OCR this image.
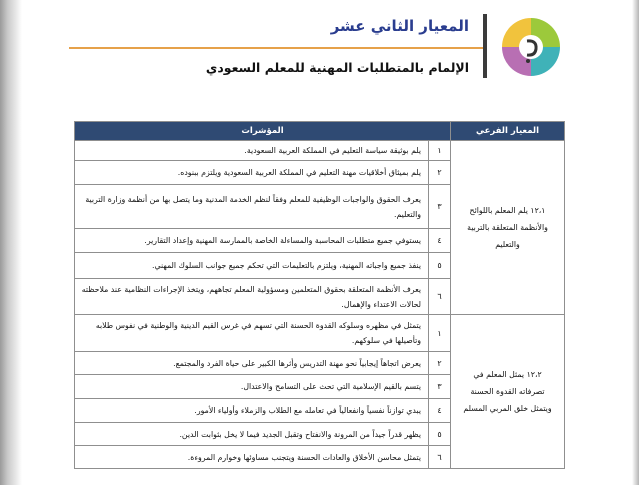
المعيار الثاني عشر
الإلمام بالمتطلبات المهنية للمعلم السعودي
المعيار الفرعي	المؤشرات	
١٢،١ يلم المعلم باللوائح والأنظمة المتعلقة بالتربية والتعليم	١	يلم بوثيقة سياسة التعليم في المملكة العربية السعودية.
	٢	يلم بميثاق أخلاقيات مهنة التعليم في المملكة العربية السعودية ويلتزم ببنوده.
	٣	يعرف الحقوق والواجبات الوظيفية للمعلم وفقاً لنظم الخدمة المدنية وما يتصل بها من أنظمة وزارة التربية والتعليم.
	٤	يستوفي جميع متطلبات المحاسبة والمساءلة الخاصة بالممارسة المهنية وإعداد التقارير.
	٥	ينفذ جميع واجباته المهنية، ويلتزم بالتعليمات التي تحكم جميع جوانب السلوك المهني.
	٦	يعرف الأنظمة المتعلقة بحقوق المتعلمين ومسؤولية المعلم تجاههم، ويتخذ الإجراءات النظامية عند ملاحظته لحالات الاعتداء والإهمال.
١٢،٢ يمثل المعلم في تصرفاته القدوة الحسنة ويتمثل خلق المربي المسلم	١	يتمثل في مظهره وسلوكه القدوة الحسنة التي تسهم في غرس القيم الدينية والوطنية في نفوس طلابه وتأصيلها في سلوكهم.
	٢	يعرض اتجاهاً إيجابياً نحو مهنة التدريس وأثرها الكبير على حياة الفرد والمجتمع.
	٣	يتسم بالقيم الإسلامية التي تحث على التسامح والاعتدال.
	٤	يبدي توازناً نفسياً وانفعالياً في تعامله مع الطلاب والزملاء وأولياء الأمور.
	٥	يظهر قدراً جيداً من المرونة والانفتاح وتقبل الجديد فيما لا يخل بثوابت الدين.
	٦	يتمثل محاسن الأخلاق والعادات الحسنة ويتجنب مساوئها وخوارم المروءة.
